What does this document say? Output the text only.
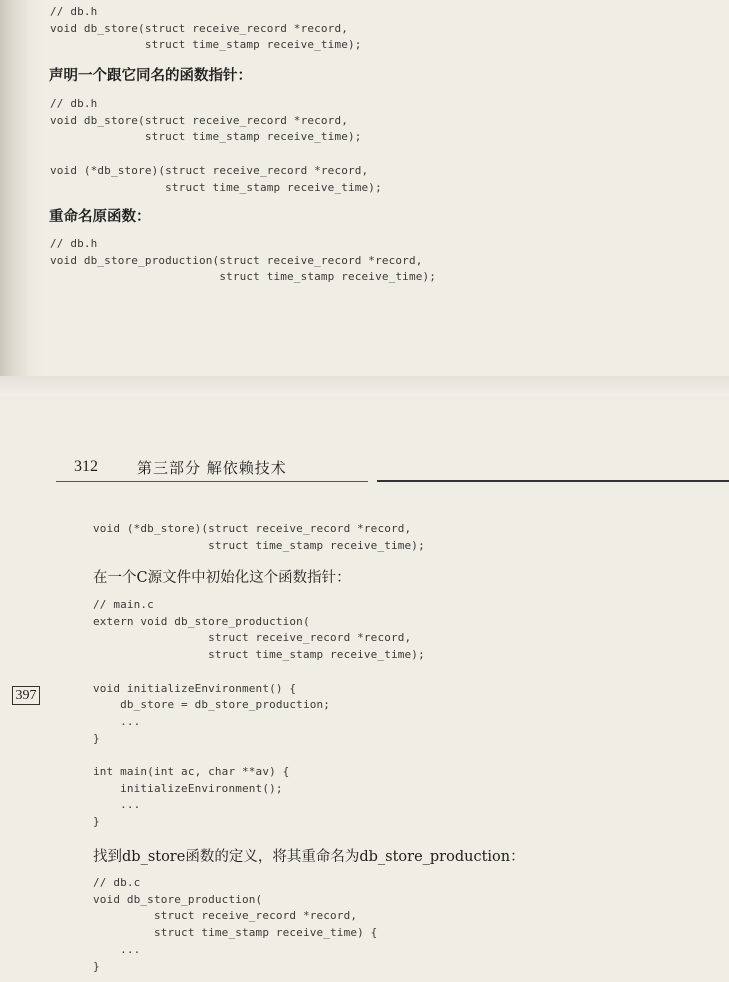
// db.h
void db_store(struct receive_record *record,
struct time_stamp receive_time);
声明一个跟它同名的函数指针：
// db.h
void db_store(struct receive_record *record,
struct time_stamp receive_time);

void (*db_store)(struct receive_record *record,
struct time_stamp receive_time);
重命名原函数：
// db.h
void db_store_production(struct receive_record *record,
struct time_stamp receive_time);
312	第三部分 解依赖技术
void (*db_store)(struct receive_record *record,
struct time_stamp receive_time);
在一个C源文件中初始化这个函数指针：
// main.c
extern void db_store_production(
struct receive_record *record,
struct time_stamp receive_time);

void initializeEnvironment() {
db_store = db_store_production;
...
}

int main(int ac, char **av) {
initializeEnvironment();
...
}
397
找到db_store函数的定义，将其重命名为db_store_production：
// db.c
void db_store_production(
struct receive_record *record,
struct time_stamp receive_time) {
...
}
